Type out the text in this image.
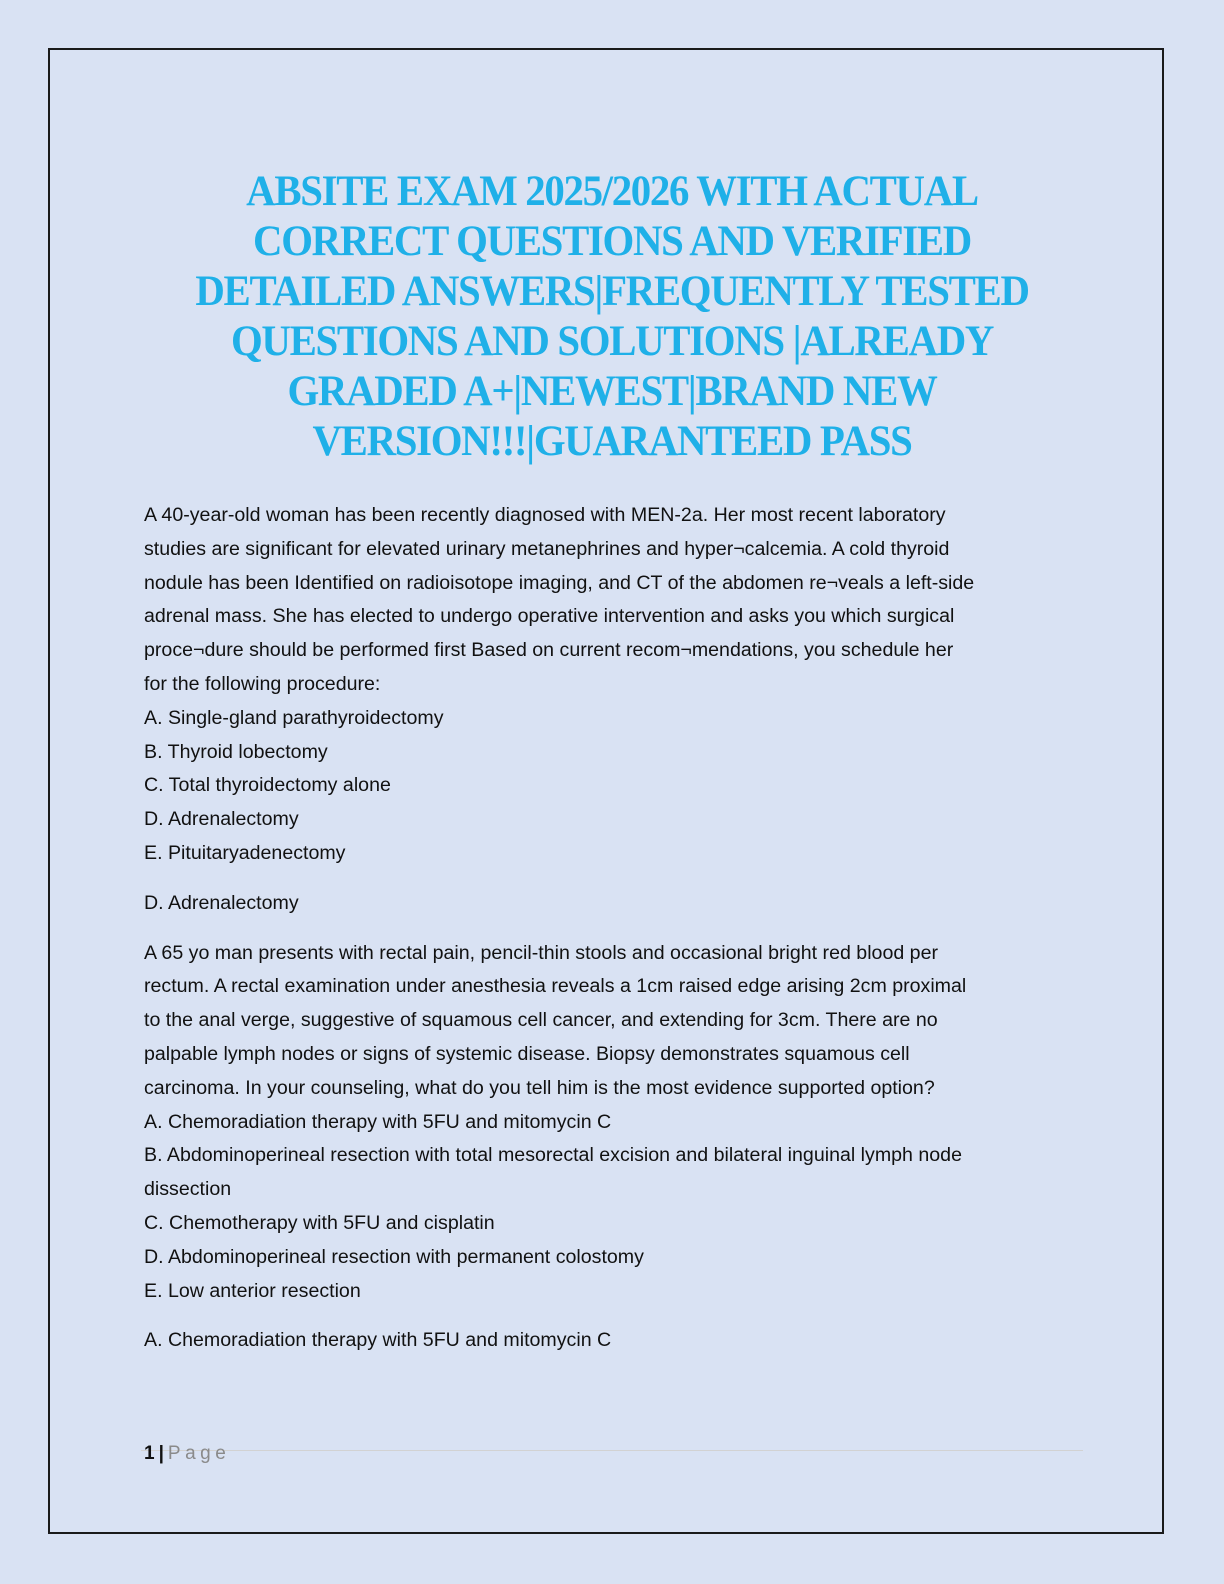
ABSITE EXAM 2025/2026 WITH ACTUAL CORRECT QUESTIONS AND VERIFIED DETAILED ANSWERS|FREQUENTLY TESTED QUESTIONS AND SOLUTIONS |ALREADY GRADED A+|NEWEST|BRAND NEW VERSION!!!|GUARANTEED PASS

A 40-year-old woman has been recently diagnosed with MEN-2a. Her most recent laboratory

studies are significant for elevated urinary metanephrines and hyper¬calcemia. A cold thyroid

nodule has been Identified on radioisotope imaging, and CT of the abdomen re¬veals a left-side

adrenal mass. She has elected to undergo operative intervention and asks you which surgical

proce¬dure should be performed first Based on current recom¬mendations, you schedule her

for the following procedure:

A. Single-gland parathyroidectomy

B. Thyroid lobectomy

C. Total thyroidectomy alone

D. Adrenalectomy

E. Pituitaryadenectomy

D. Adrenalectomy

A 65 yo man presents with rectal pain, pencil-thin stools and occasional bright red blood per

rectum. A rectal examination under anesthesia reveals a 1cm raised edge arising 2cm proximal

to the anal verge, suggestive of squamous cell cancer, and extending for 3cm. There are no

palpable lymph nodes or signs of systemic disease. Biopsy demonstrates squamous cell

carcinoma. In your counseling, what do you tell him is the most evidence supported option?

A. Chemoradiation therapy with 5FU and mitomycin C

B. Abdominoperineal resection with total mesorectal excision and bilateral inguinal lymph node

dissection

C. Chemotherapy with 5FU and cisplatin

D. Abdominoperineal resection with permanent colostomy

E. Low anterior resection

A. Chemoradiation therapy with 5FU and mitomycin C

1 | Page
